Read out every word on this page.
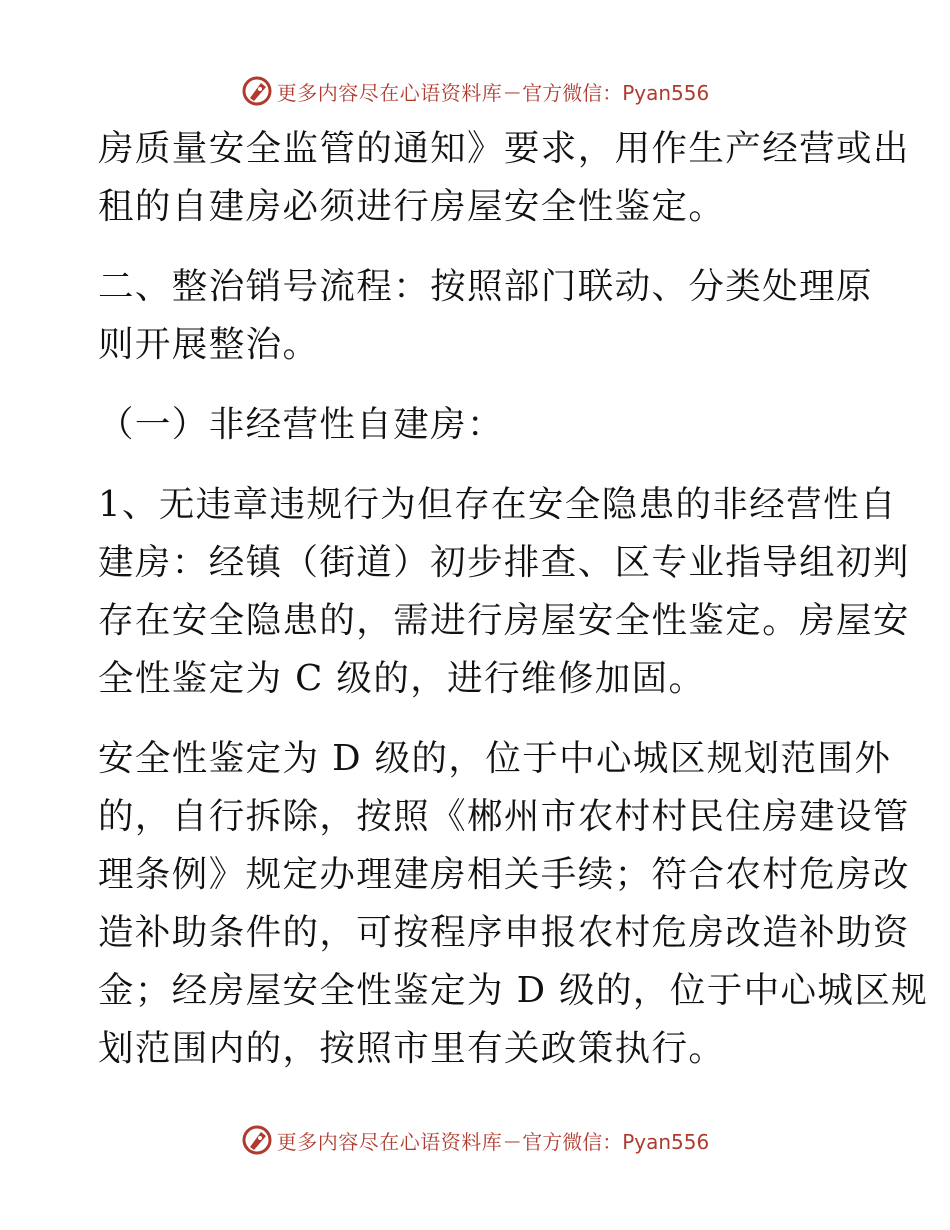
更多内容尽在心语资料库 — 官方微信：Pyan556
房质量安全监管的通知》要求，用作生产经营或出
租的自建房必须进行房屋安全性鉴定。
二、整治销号流程：按照部门联动、分类处理原
则开展整治。
（一）非经营性自建房：
1、无违章违规行为但存在安全隐患的非经营性自
建房：经镇（街道）初步排查、区专业指导组初判
存在安全隐患的，需进行房屋安全性鉴定。房屋安
全性鉴定为 C 级的，进行维修加固。
安全性鉴定为 D 级的，位于中心城区规划范围外
的，自行拆除，按照《郴州市农村村民住房建设管
理条例》规定办理建房相关手续；符合农村危房改
造补助条件的，可按程序申报农村危房改造补助资
金；经房屋安全性鉴定为 D 级的，位于中心城区规
划范围内的，按照市里有关政策执行。
更多内容尽在心语资料库 — 官方微信：Pyan556
